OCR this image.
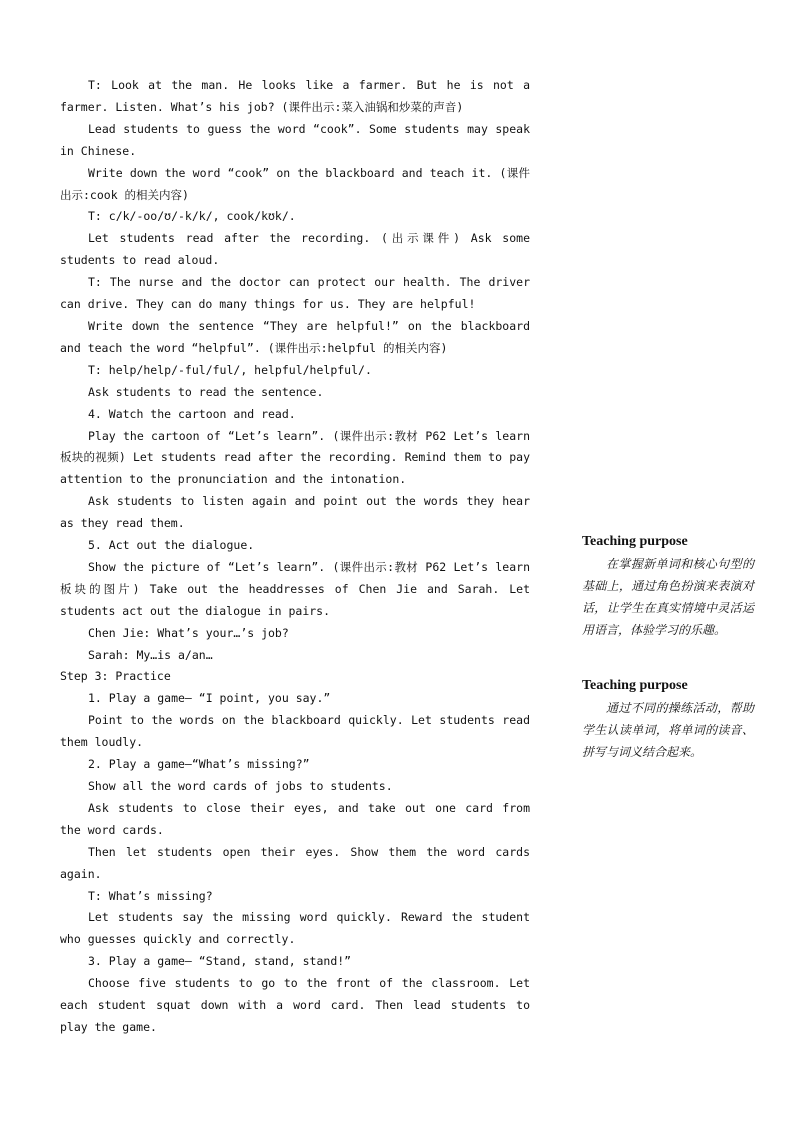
T: Look at the man. He looks like a farmer. But he is not a farmer. Listen. What’s his job? (课件出示:菜入油锅和炒菜的声音)

Lead students to guess the word “cook”. Some students may speak in Chinese.

Write down the word “cook” on the blackboard and teach it. (课件出示:cook 的相关内容)

T: c/k/-oo/ʊ/-k/k/, cook/kʊk/.

Let students read after the recording. (出示课件) Ask some students to read aloud.

T: The nurse and the doctor can protect our health. The driver can drive. They can do many things for us. They are helpful!

Write down the sentence “They are helpful!” on the blackboard and teach the word “helpful”. (课件出示:helpful 的相关内容)

T: help/help/-ful/ful/, helpful/helpful/.

Ask students to read the sentence.

4. Watch the cartoon and read.

Play the cartoon of “Let’s learn”. (课件出示:教材 P62 Let’s learn 板块的视频) Let students read after the recording. Remind them to pay attention to the pronunciation and the intonation.

Ask students to listen again and point out the words they hear as they read them.

5. Act out the dialogue.

Show the picture of “Let’s learn”. (课件出示:教材 P62 Let’s learn 板块的图片) Take out the headdresses of Chen Jie and Sarah. Let students act out the dialogue in pairs.

Chen Jie: What’s your…’s job?

Sarah: My…is a/an…

Step 3: Practice

1. Play a game— “I point, you say.”

Point to the words on the blackboard quickly. Let students read them loudly.

2. Play a game—“What’s missing?”

Show all the word cards of jobs to students.

Ask students to close their eyes, and take out one card from the word cards.

Then let students open their eyes. Show them the word cards again.

T: What’s missing?

Let students say the missing word quickly. Reward the student who guesses quickly and correctly.

3. Play a game— “Stand, stand, stand!”

Choose five students to go to the front of the classroom. Let each student squat down with a word card. Then lead students to play the game.

Teaching purpose

在掌握新单词和核心句型的基础上，通过角色扮演来表演对话，让学生在真实情境中灵活运用语言，体验学习的乐趣。

Teaching purpose

通过不同的操练活动，帮助学生认读单词，将单词的读音、拼写与词义结合起来。
